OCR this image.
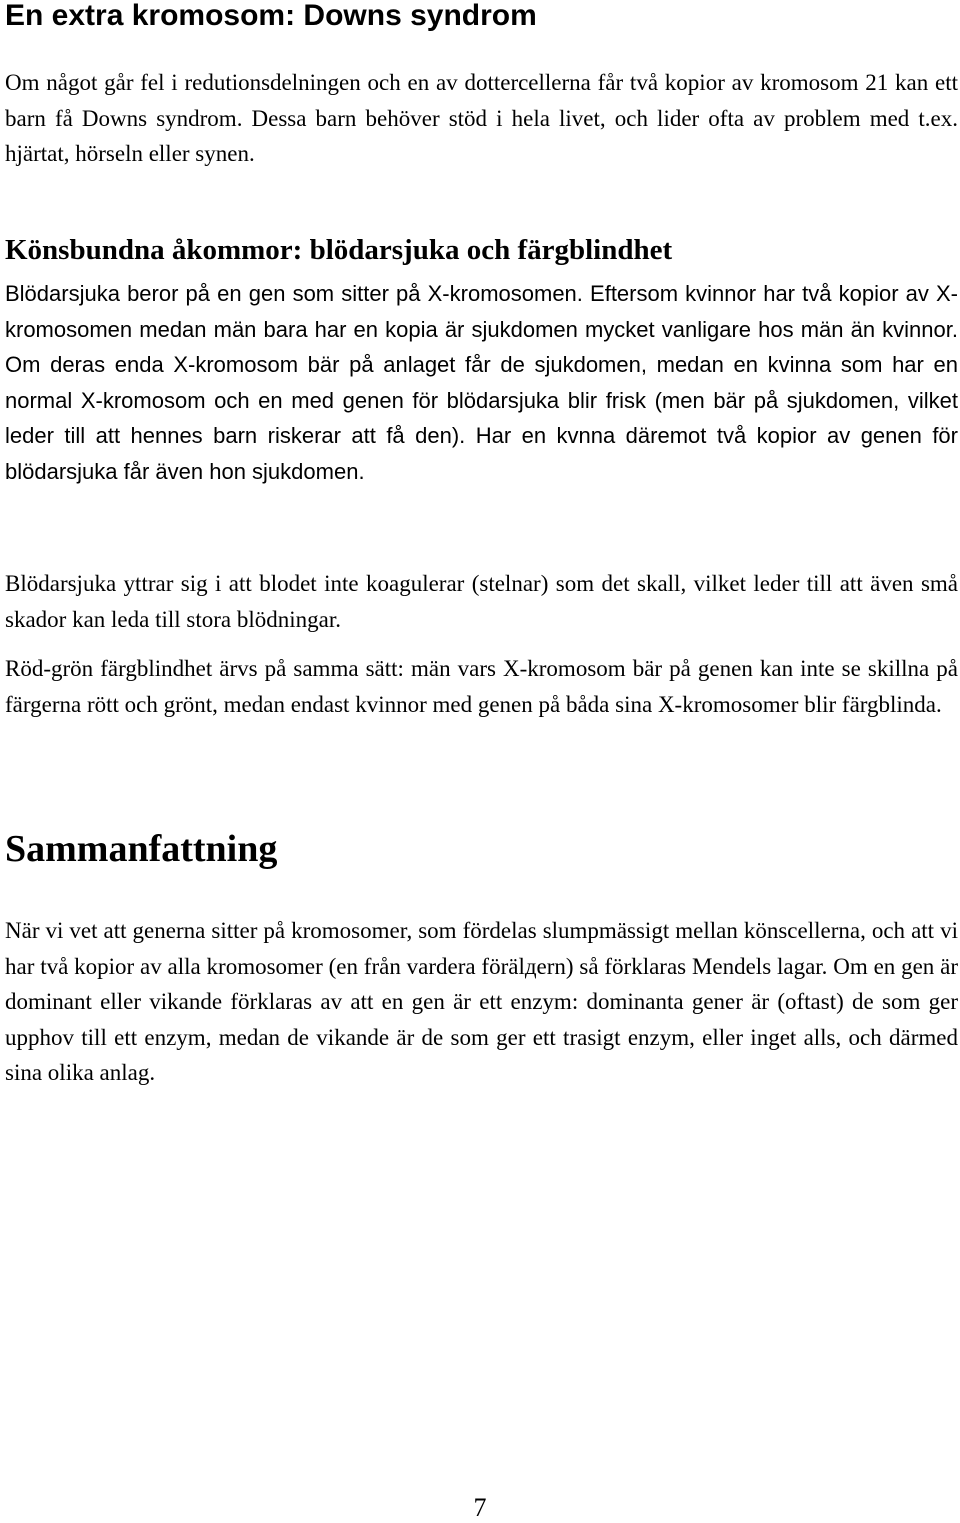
En extra kromosom: Downs syndrom

Om något går fel i redutionsdelningen och en av dottercellerna får två kopior av kromosom 21 kan ett barn få Downs syndrom. Dessa barn behöver stöd i hela livet, och lider ofta av problem med t.ex. hjärtat, hörseln eller synen.

Könsbundna åkommor: blödarsjuka och färgblindhet

Blödarsjuka beror på en gen som sitter på X-kromosomen. Eftersom kvinnor har två kopior av X-kromosomen medan män bara har en kopia är sjukdomen mycket vanligare hos män än kvinnor. Om deras enda X-kromosom bär på anlaget får de sjukdomen, medan en kvinna som har en normal X-kromosom och en med genen för blödarsjuka blir frisk (men bär på sjukdomen, vilket leder till att hennes barn riskerar att få den). Har en kvnna däremot två kopior av genen för blödarsjuka får även hon sjukdomen.

Blödarsjuka yttrar sig i att blodet inte koagulerar (stelnar) som det skall, vilket leder till att även små skador kan leda till stora blödningar.

Röd-grön färgblindhet ärvs på samma sätt: män vars X-kromosom bär på genen kan inte se skillna på färgerna rött och grönt, medan endast kvinnor med genen på båda sina X-kromosomer blir färgblinda.

Sammanfattning

När vi vet att generna sitter på kromosomer, som fördelas slumpmässigt mellan könscellerna, och att vi har två kopior av alla kromosomer (en från vardera förälдern) så förklaras Mendels lagar. Om en gen är dominant eller vikande förklaras av att en gen är ett enzym: dominanta gener är (oftast) de som ger upphov till ett enzym, medan de vikande är de som ger ett trasigt enzym, eller inget alls, och därmed sina olika anlag.

7
